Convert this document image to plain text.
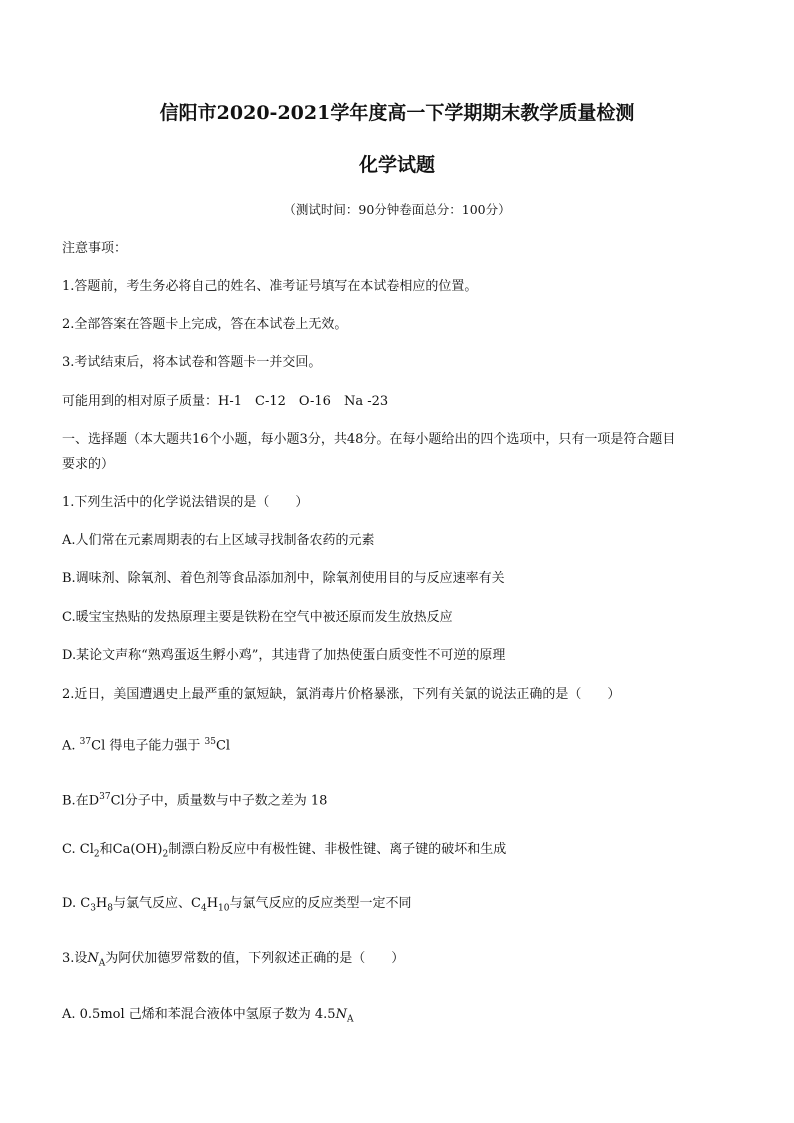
信阳市2020-2021学年度高一下学期期末教学质量检测
化学试题
（测试时间：90分钟卷面总分：100分）
注意事项：
1.答题前，考生务必将自己的姓名、准考证号填写在本试卷相应的位置。
2.全部答案在答题卡上完成，答在本试卷上无效。
3.考试结束后，将本试卷和答题卡一并交回。
可能用到的相对原子质量：H-1　C-12　O-16　Na -23
一、选择题（本大题共16个小题，每小题3分，共48分。在每小题给出的四个选项中，只有一项是符合题目
要求的）
1.下列生活中的化学说法错误的是（　　）
A.人们常在元素周期表的右上区域寻找制备农药的元素
B.调味剂、除氧剂、着色剂等食品添加剂中，除氧剂使用目的与反应速率有关
C.暖宝宝热贴的发热原理主要是铁粉在空气中被还原而发生放热反应
D.某论文声称“熟鸡蛋返生孵小鸡”，其违背了加热使蛋白质变性不可逆的原理
2.近日，美国遭遇史上最严重的氯短缺，氯消毒片价格暴涨，下列有关氯的说法正确的是（　　）
A. $^{37}$Cl 得电子能力强于 $^{35}$Cl
B.在$D^{37}Cl$分子中，质量数与中子数之差为 18
C. $Cl_2$和$Ca(OH)_2$制漂白粉反应中有极性键、非极性键、离子键的破坏和生成
D. $C_3H_8$与氯气反应、$C_4H_{10}$与氯气反应的反应类型一定不同
3.设$N_A$为阿伏加德罗常数的值，下列叙述正确的是（　　）
A. 0.5mol 己烯和苯混合液体中氢原子数为 $4.5N_A$
